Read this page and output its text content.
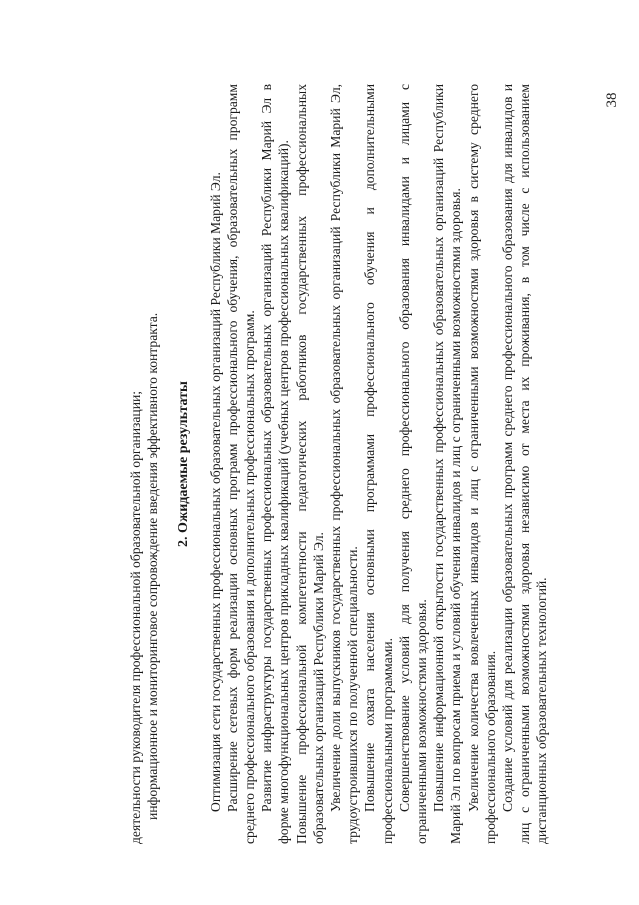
38

деятельности руководителя профессиональной образовательной организации; информационное и мониторинговое сопровождение введения эффективного контракта. 2. Ожидаемые результаты Оптимизация сети государственных профессиональных образовательных организаций Республики Марий Эл. Расширение сетевых форм реализации основных программ профессионального обучения, образовательных программ среднего профессионального образования и дополнительных профессиональных программ. Развитие инфраструктуры государственных профессиональных образовательных организаций Республики Марий Эл в форме многофункциональных центров прикладных квалификаций (учебных центров профессиональных квалификаций). Повышение профессиональной компетентности педагогических работников государственных профессиональных образовательных организаций Республики Марий Эл. Увеличение доли выпускников государственных профессиональных образовательных организаций Республики Марий Эл, трудоустроившихся по полученной специальности. Повышение охвата населения основными программами профессионального обучения и дополнительными профессиональными программами. Совершенствование условий для получения среднего профессионального образования инвалидами и лицами с ограниченными возможностями здоровья. Повышение информационной открытости государственных профессиональных образовательных организаций Республики Марий Эл по вопросам приема и условий обучения инвалидов и лиц с ограниченными возможностями здоровья. Увеличение количества вовлеченных инвалидов и лиц с ограниченными возможностями здоровья в систему среднего профессионального образования. Создание условий для реализации образовательных программ среднего профессионального образования для инвалидов и лиц с ограниченными возможностями здоровья независимо от места их проживания, в том числе с использованием дистанционных образовательных технологий.
